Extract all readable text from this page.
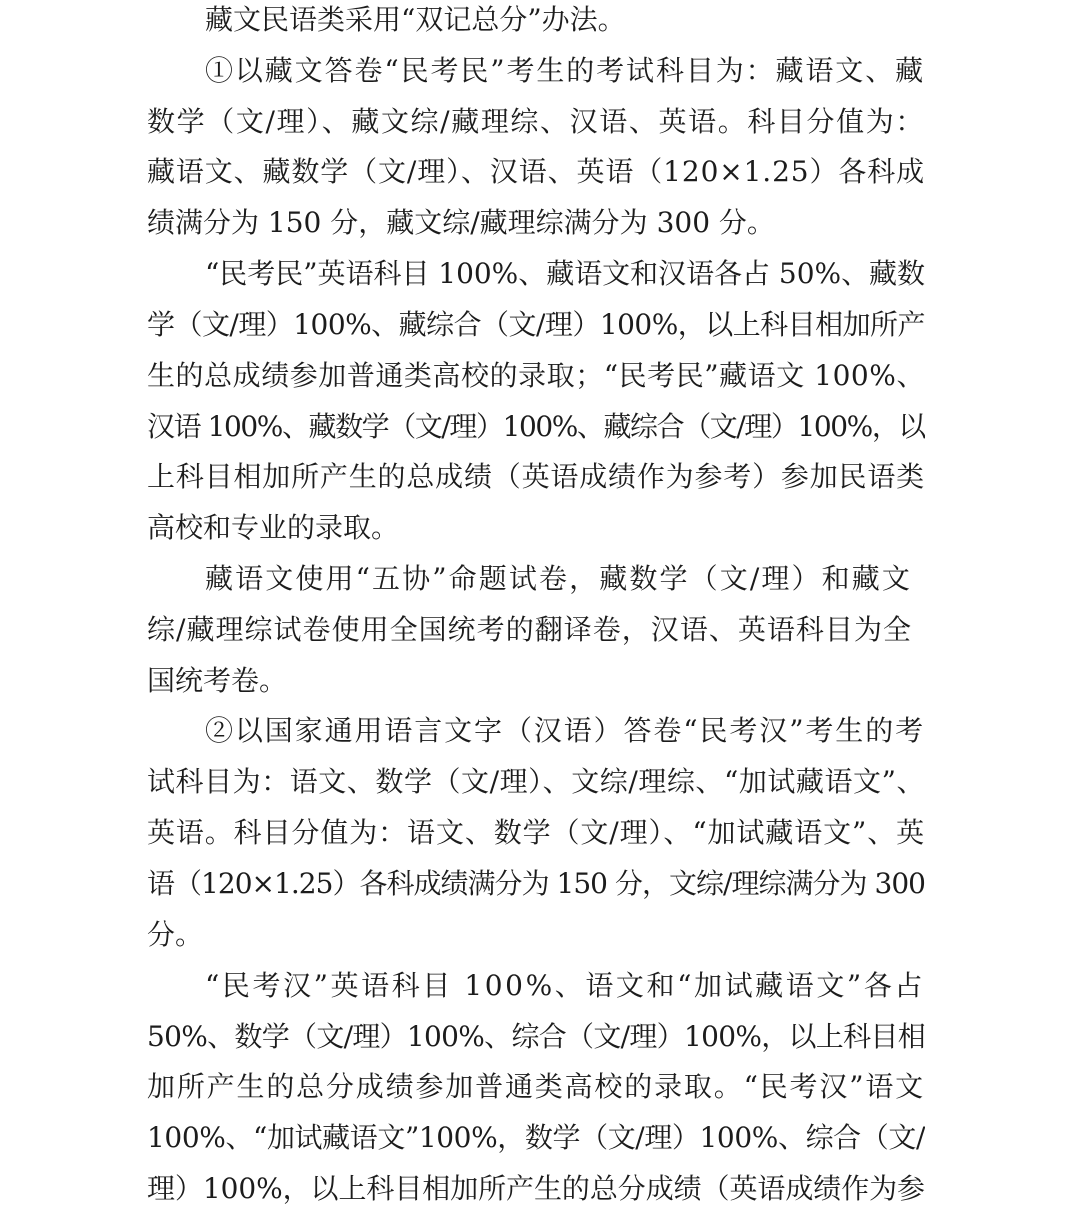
藏文民语类采用“双记总分”办法。
①以藏文答卷“民考民”考生的考试科目为：藏语文、藏
数学（文/理）、藏文综/藏理综、汉语、英语。科目分值为：
藏语文、藏数学（文/理）、汉语、英语（120×1.25）各科成
绩满分为 150 分，藏文综/藏理综满分为 300 分。
“民考民”英语科目 100%、藏语文和汉语各占 50%、藏数
学（文/理）100%、藏综合（文/理）100%，以上科目相加所产
生的总成绩参加普通类高校的录取；“民考民”藏语文 100%、
汉语 100%、藏数学（文/理）100%、藏综合（文/理）100%，以
上科目相加所产生的总成绩（英语成绩作为参考）参加民语类
高校和专业的录取。
藏语文使用“五协”命题试卷，藏数学（文/理）和藏文
综/藏理综试卷使用全国统考的翻译卷，汉语、英语科目为全
国统考卷。
②以国家通用语言文字（汉语）答卷“民考汉”考生的考
试科目为：语文、数学（文/理）、文综/理综、“加试藏语文”、
英语。科目分值为：语文、数学（文/理）、“加试藏语文”、英
语（120×1.25）各科成绩满分为 150 分，文综/理综满分为 300
分。
“民考汉”英语科目 100%、语文和“加试藏语文”各占
50%、数学（文/理）100%、综合（文/理）100%，以上科目相
加所产生的总分成绩参加普通类高校的录取。“民考汉”语文
100%、“加试藏语文”100%，数学（文/理）100%、综合（文/
理）100%，以上科目相加所产生的总分成绩（英语成绩作为参
